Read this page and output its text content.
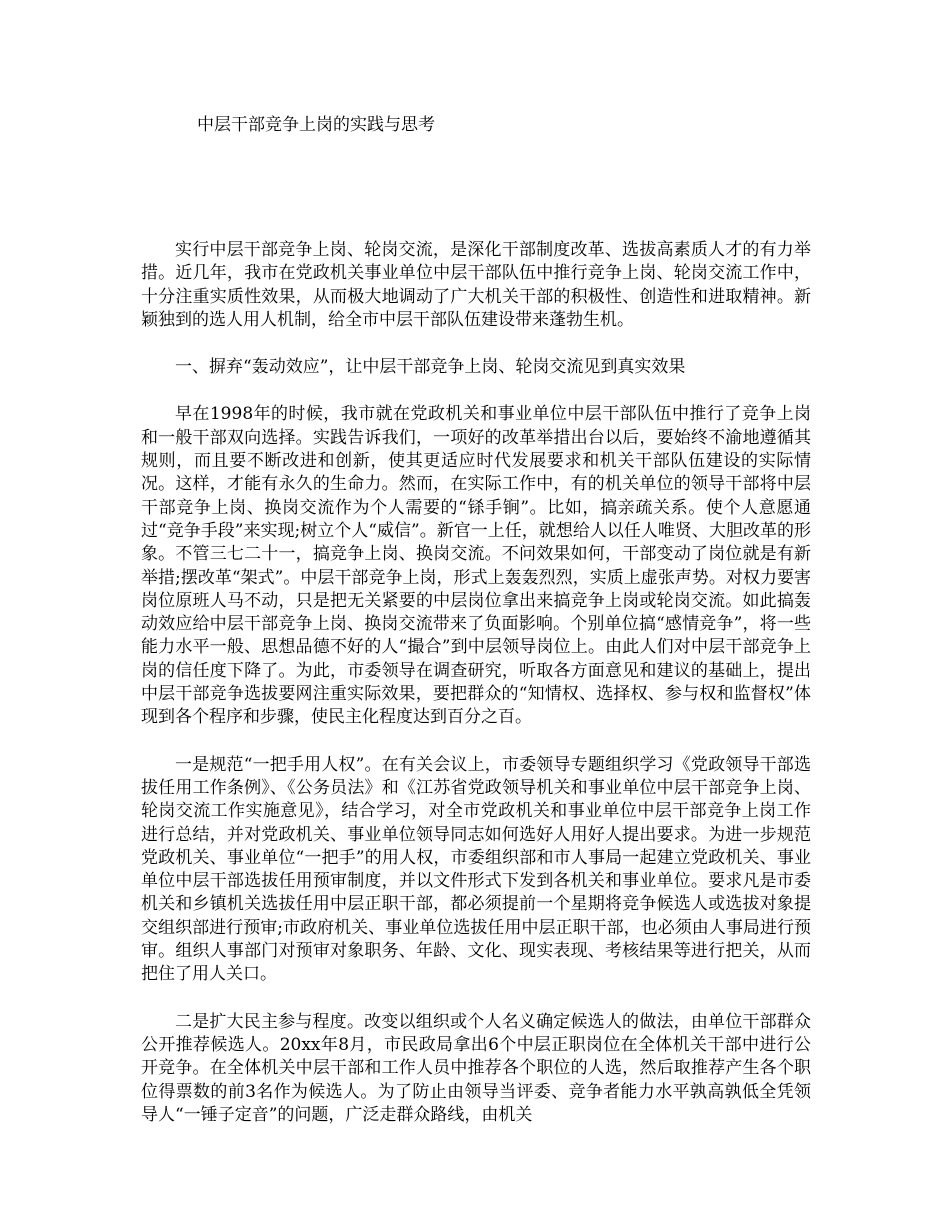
中层干部竞争上岗的实践与思考

实行中层干部竞争上岗、轮岗交流，是深化干部制度改革、选拔高素质人才的有力举措。近几年，我市在党政机关事业单位中层干部队伍中推行竞争上岗、轮岗交流工作中，十分注重实质性效果，从而极大地调动了广大机关干部的积极性、创造性和进取精神。新颖独到的选人用人机制，给全市中层干部队伍建设带来蓬勃生机。

一、摒弃“轰动效应”，让中层干部竞争上岗、轮岗交流见到真实效果

早在1998年的时候，我市就在党政机关和事业单位中层干部队伍中推行了竞争上岗和一般干部双向选择。实践告诉我们，一项好的改革举措出台以后，要始终不渝地遵循其规则，而且要不断改进和创新，使其更适应时代发展要求和机关干部队伍建设的实际情况。这样，才能有永久的生命力。然而，在实际工作中，有的机关单位的领导干部将中层干部竞争上岗、换岗交流作为个人需要的“铩手锏”。比如，搞亲疏关系。使个人意愿通过“竞争手段”来实现;树立个人“威信”。新官一上任，就想给人以任人唯贤、大胆改革的形象。不管三七二十一，搞竞争上岗、换岗交流。不问效果如何，干部变动了岗位就是有新举措;摆改革“架式”。中层干部竞争上岗，形式上轰轰烈烈，实质上虚张声势。对权力要害岗位原班人马不动，只是把无关紧要的中层岗位拿出来搞竞争上岗或轮岗交流。如此搞轰动效应给中层干部竞争上岗、换岗交流带来了负面影响。个别单位搞“感情竞争”，将一些能力水平一般、思想品德不好的人“撮合”到中层领导岗位上。由此人们对中层干部竞争上岗的信任度下降了。为此，市委领导在调查研究，听取各方面意见和建议的基础上，提出中层干部竞争选拔要网注重实际效果，要把群众的“知情权、选择权、参与权和监督权”体现到各个程序和步骤，使民主化程度达到百分之百。

一是规范“一把手用人权”。在有关会议上，市委领导专题组织学习《党政领导干部选拔任用工作条例》、《公务员法》和《江苏省党政领导机关和事业单位中层干部竞争上岗、轮岗交流工作实施意见》，结合学习，对全市党政机关和事业单位中层干部竞争上岗工作进行总结，并对党政机关、事业单位领导同志如何选好人用好人提出要求。为进一步规范党政机关、事业单位“一把手”的用人权，市委组织部和市人事局一起建立党政机关、事业单位中层干部选拔任用预审制度，并以文件形式下发到各机关和事业单位。要求凡是市委机关和乡镇机关选拔任用中层正职干部，都必须提前一个星期将竞争候选人或选拔对象提交组织部进行预审;市政府机关、事业单位选拔任用中层正职干部，也必须由人事局进行预审。组织人事部门对预审对象职务、年龄、文化、现实表现、考核结果等进行把关，从而把住了用人关口。

二是扩大民主参与程度。改变以组织或个人名义确定候选人的做法，由单位干部群众公开推荐候选人。20xx年8月，市民政局拿出6个中层正职岗位在全体机关干部中进行公开竞争。在全体机关中层干部和工作人员中推荐各个职位的人选，然后取推荐产生各个职位得票数的前3名作为候选人。为了防止由领导当评委、竞争者能力水平孰高孰低全凭领导人“一锤子定音”的问题，广泛走群众路线，由机关
